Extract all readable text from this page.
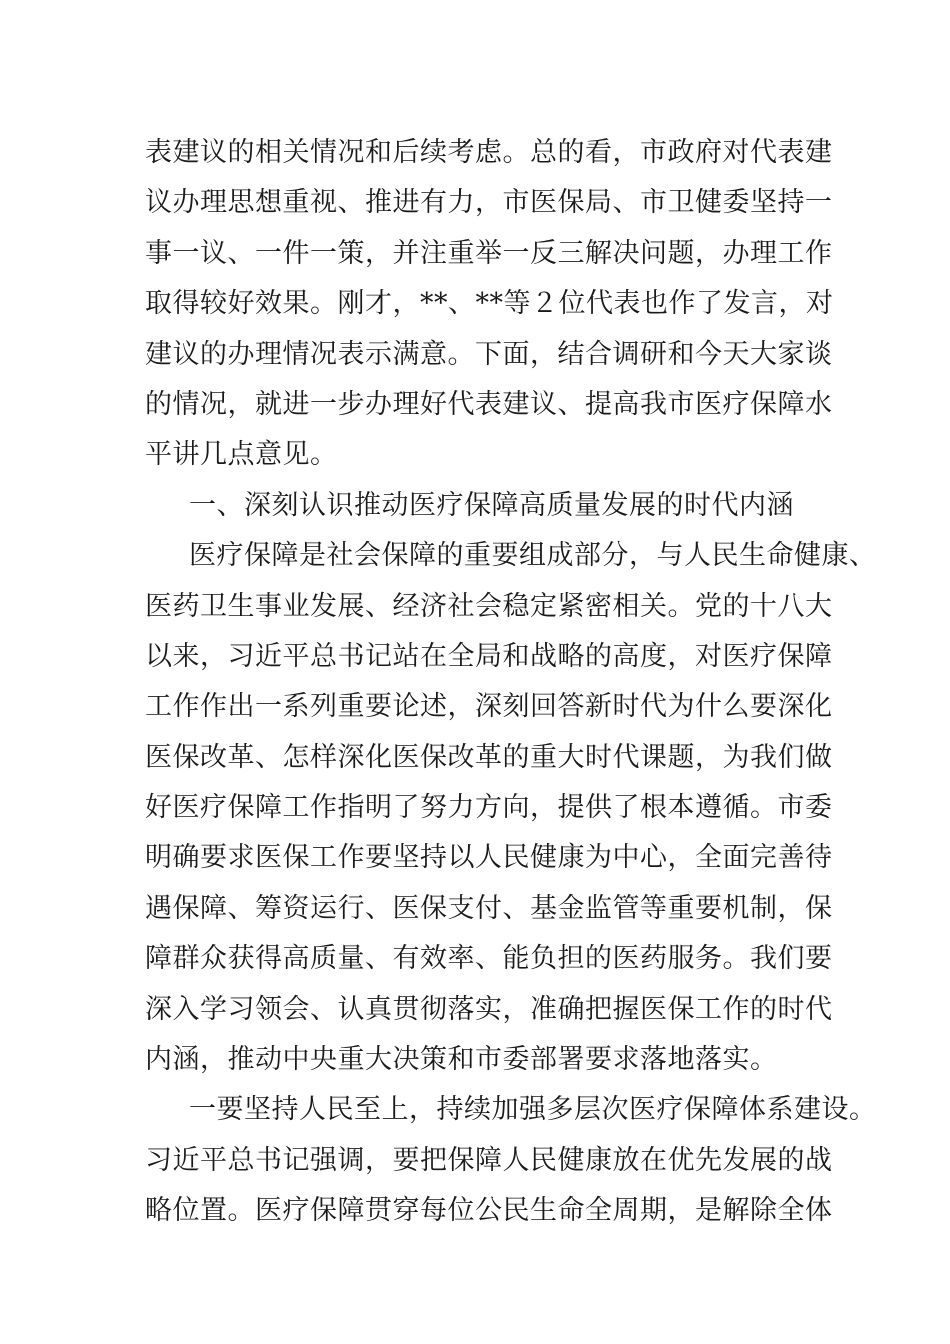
表建议的相关情况和后续考虑。总的看，市政府对代表建
议办理思想重视、推进有力，市医保局、市卫健委坚持一
事一议、一件一策，并注重举一反三解决问题，办理工作
取得较好效果。刚才，**、**等２位代表也作了发言，对
建议的办理情况表示满意。下面，结合调研和今天大家谈
的情况，就进一步办理好代表建议、提高我市医疗保障水
平讲几点意见。
一、深刻认识推动医疗保障高质量发展的时代内涵
医疗保障是社会保障的重要组成部分，与人民生命健康、
医药卫生事业发展、经济社会稳定紧密相关。党的十八大
以来，习近平总书记站在全局和战略的高度，对医疗保障
工作作出一系列重要论述，深刻回答新时代为什么要深化
医保改革、怎样深化医保改革的重大时代课题，为我们做
好医疗保障工作指明了努力方向，提供了根本遵循。市委
明确要求医保工作要坚持以人民健康为中心，全面完善待
遇保障、筹资运行、医保支付、基金监管等重要机制，保
障群众获得高质量、有效率、能负担的医药服务。我们要
深入学习领会、认真贯彻落实，准确把握医保工作的时代
内涵，推动中央重大决策和市委部署要求落地落实。
一要坚持人民至上，持续加强多层次医疗保障体系建设。
习近平总书记强调，要把保障人民健康放在优先发展的战
略位置。医疗保障贯穿每位公民生命全周期，是解除全体
